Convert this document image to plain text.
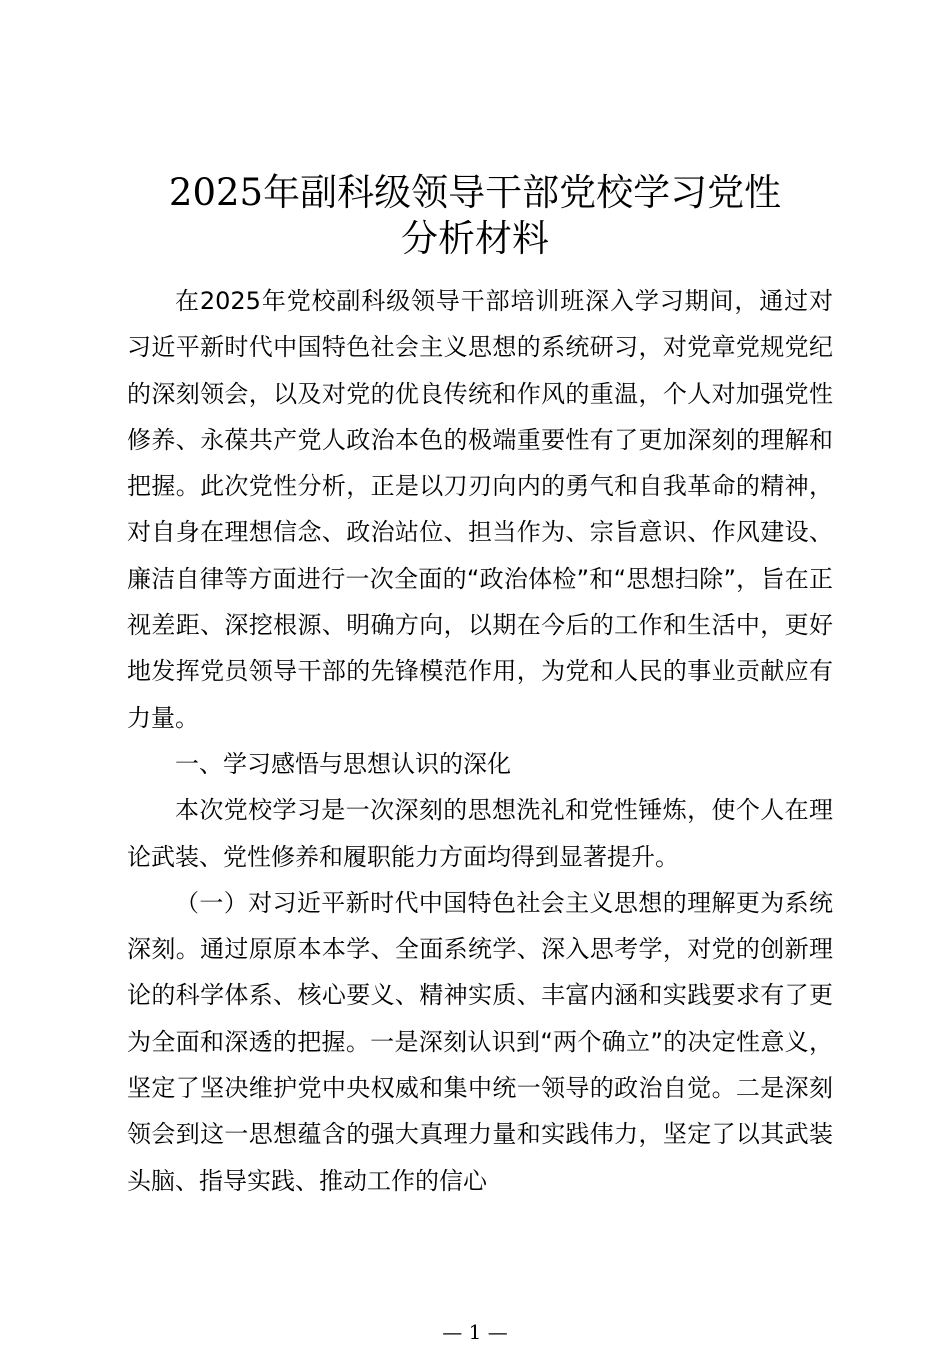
2025年副科级领导干部党校学习党性
分析材料

在2025年党校副科级领导干部培训班深入学习期间，通过对习近平新时代中国特色社会主义思想的系统研习，对党章党规党纪的深刻领会，以及对党的优良传统和作风的重温，个人对加强党性修养、永葆共产党人政治本色的极端重要性有了更加深刻的理解和把握。此次党性分析，正是以刀刃向内的勇气和自我革命的精神，对自身在理想信念、政治站位、担当作为、宗旨意识、作风建设、廉洁自律等方面进行一次全面的“政治体检”和“思想扫除”，旨在正视差距、深挖根源、明确方向，以期在今后的工作和生活中，更好地发挥党员领导干部的先锋模范作用，为党和人民的事业贡献应有力量。

一、学习感悟与思想认识的深化

本次党校学习是一次深刻的思想洗礼和党性锤炼，使个人在理论武装、党性修养和履职能力方面均得到显著提升。

（一）对习近平新时代中国特色社会主义思想的理解更为系统深刻。通过原原本本学、全面系统学、深入思考学，对党的创新理论的科学体系、核心要义、精神实质、丰富内涵和实践要求有了更为全面和深透的把握。一是深刻认识到“两个确立”的决定性意义，坚定了坚决维护党中央权威和集中统一领导的政治自觉。二是深刻领会到这一思想蕴含的强大真理力量和实践伟力，坚定了以其武装头脑、指导实践、推动工作的信心

— 1 —
